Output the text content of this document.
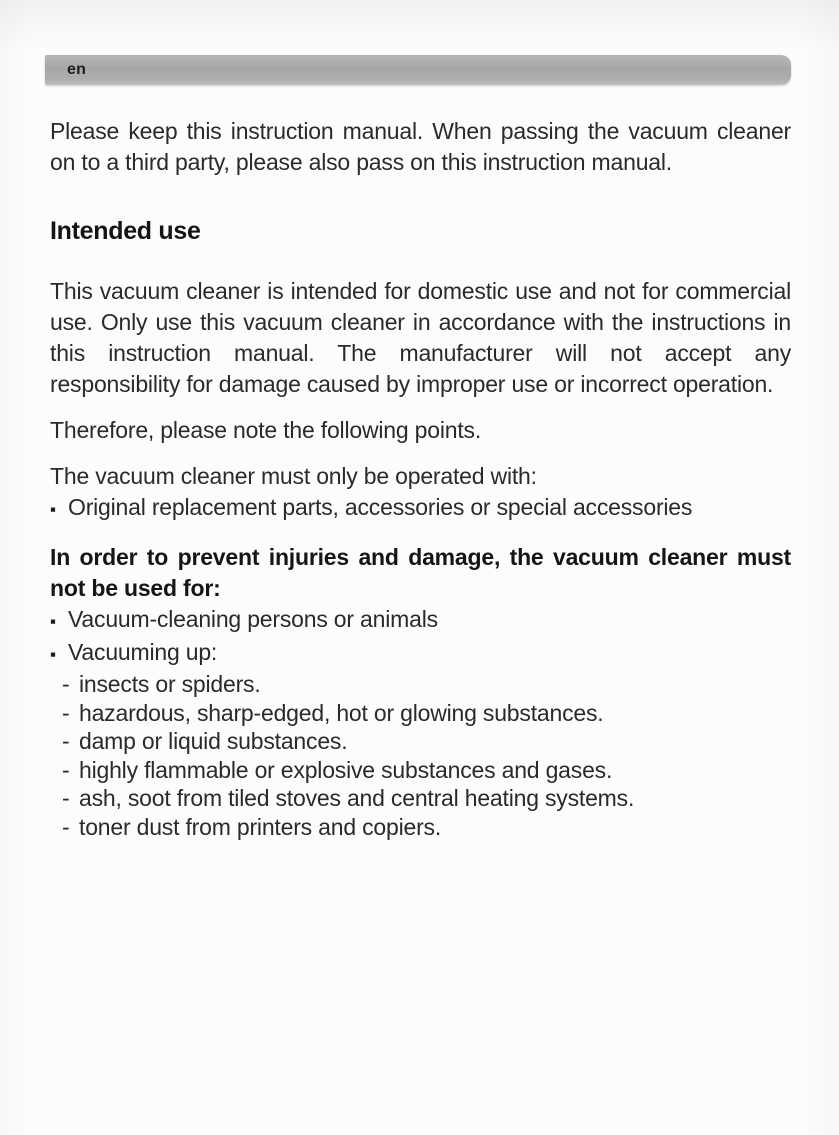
en

Please keep this instruction manual. When passing the vacuum cleaner on to a third party, please also pass on this instruction manual.

Intended use

This vacuum cleaner is intended for domestic use and not for commercial use. Only use this vacuum cleaner in accordance with the instructions in this instruction manual. The manufacturer will not accept any responsibility for damage caused by improper use or incorrect operation.

Therefore, please note the following points.

The vacuum cleaner must only be operated with:

▪ Original replacement parts, accessories or special accessories

In order to prevent injuries and damage, the vacuum cleaner must not be used for:

▪ Vacuum-cleaning persons or animals
▪ Vacuuming up:
- insects or spiders.
- hazardous, sharp-edged, hot or glowing substances.
- damp or liquid substances.
- highly flammable or explosive substances and gases.
- ash, soot from tiled stoves and central heating systems.
- toner dust from printers and copiers.
